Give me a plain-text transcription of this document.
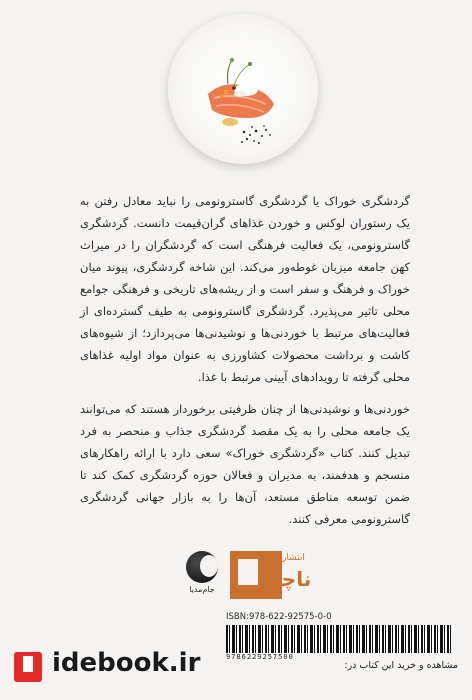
گردشگری خوراک یا گردشگری گاسترونومی را نباید معادل رفتن به یک رستوران لوکس و خوردن غذاهای گران‌قیمت دانست. گردشگری گاسترونومی، یک فعالیت فرهنگی است که گردشگران را در میراث کهن جامعه میزبان غوطه‌ور می‌کند. این شاخه گردشگری، پیوند میان خوراک و فرهنگ و سفر است و از ریشه‌های تاریخی و فرهنگی جوامع محلی تاثیر می‌پذیرد. گردشگری گاسترونومی به طیف گسترده‌ای از فعالیت‌های مرتبط با خوردنی‌ها و نوشیدنی‌ها می‌پردازد؛ از شیوه‌های کاشت و برداشت محصولات کشاورزی به عنوان مواد اولیه غذاهای محلی گرفته تا رویدادهای آیینی مرتبط با غذا.

خوردنی‌ها و نوشیدنی‌ها از چنان ظرفیتی برخوردار هستند که می‌توانند یک جامعه محلی را به یک مقصد گردشگری جذاب و منحصر به فرد تبدیل کنند. کتاب «گردشگری خوراک» سعی دارد با ارائه راهکارهای منسجم و هدفمند، به مدیران و فعالان حوزه گردشگری کمک کند تا ضمن توسعه مناطق مستعد، آن‌ها را به بازار جهانی گردشگری گاسترونومی معرفی کنند.

جام‌مدیا
انتشارات
ناچار
ISBN:978-622-92575-0-0
9786229257500
idebook.ir	مشاهده و خرید این کتاب در:
